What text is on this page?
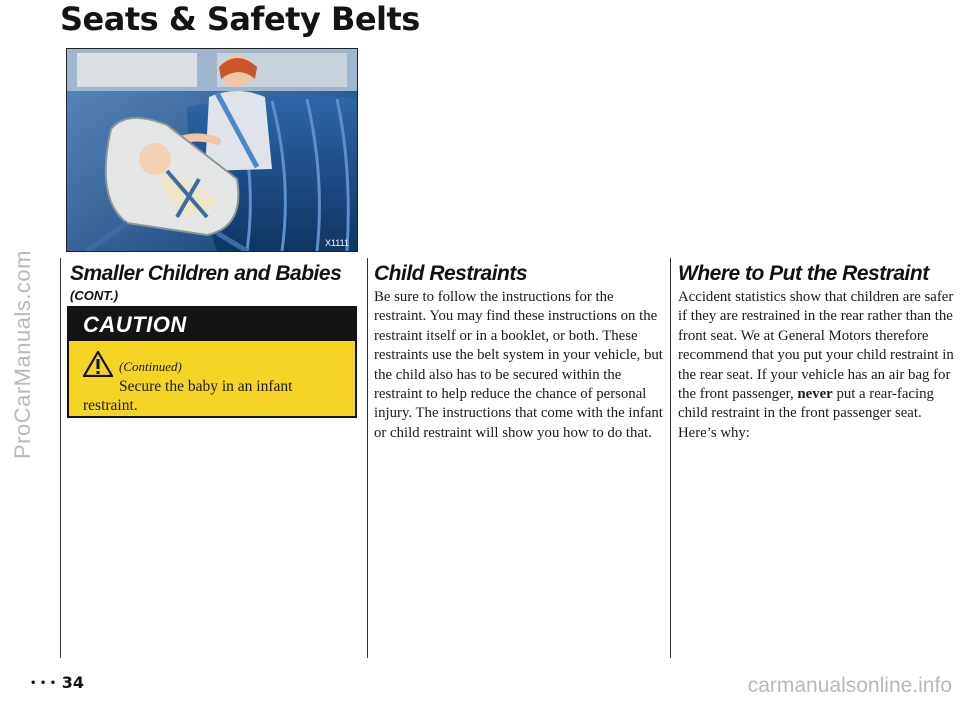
ProCarManuals.com
Seats & Safety Belts
X1111
Smaller Children and Babies
(CONT.)
CAUTION
(Continued)
Secure the baby in an infant
restraint.
Child Restraints
Be sure to follow the instructions for the restraint. You may find these instructions on the restraint itself or in a booklet, or both. These restraints use the belt system in your vehicle, but the child also has to be secured within the restraint to help reduce the chance of personal injury. The instructions that come with the infant or child restraint will show you how to do that.
Where to Put the Restraint
Accident statistics show that children are safer if they are restrained in the rear rather than the front seat. We at General Motors therefore recommend that you put your child restraint in the rear seat. If your vehicle has an air bag for the front passenger, never put a rear-facing child restraint in the front passenger seat. Here’s why:
• • • 34	carmanualsonline.info
